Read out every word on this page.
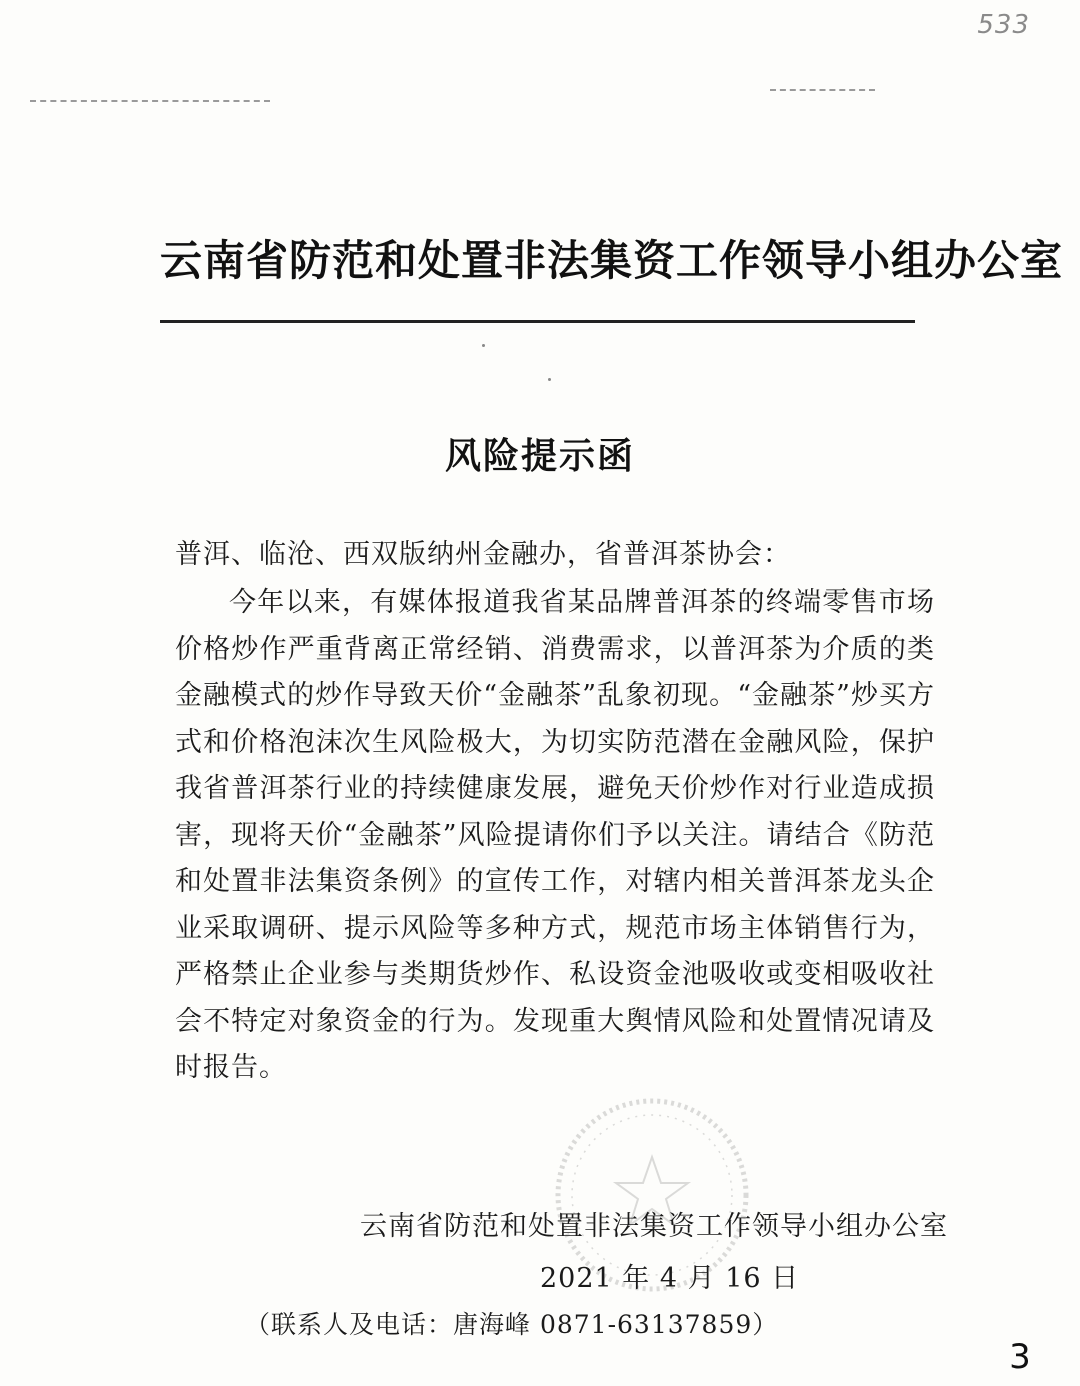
533
云南省防范和处置非法集资工作领导小组办公室
风险提示函
普洱、临沧、西双版纳州金融办，省普洱茶协会：
今年以来，有媒体报道我省某品牌普洱茶的终端零售市场价格炒作严重背离正常经销、消费需求，以普洱茶为介质的类金融模式的炒作导致天价“金融茶”乱象初现。“金融茶”炒买方式和价格泡沫次生风险极大，为切实防范潜在金融风险，保护我省普洱茶行业的持续健康发展，避免天价炒作对行业造成损害，现将天价“金融茶”风险提请你们予以关注。请结合《防范和处置非法集资条例》的宣传工作，对辖内相关普洱茶龙头企业采取调研、提示风险等多种方式，规范市场主体销售行为，严格禁止企业参与类期货炒作、私设资金池吸收或变相吸收社会不特定对象资金的行为。发现重大舆情风险和处置情况请及时报告。
云南省防范和处置非法集资工作领导小组办公室
2021 年 4 月 16 日
（联系人及电话：唐海峰 0871-63137859）
3
